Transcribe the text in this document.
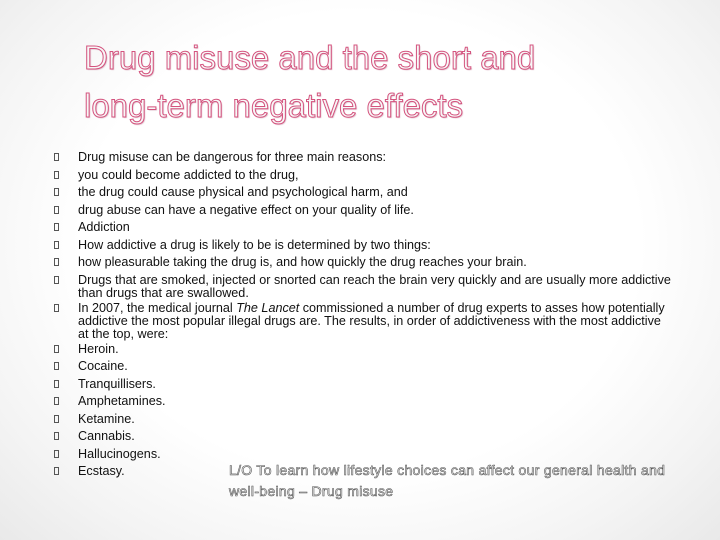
Drug misuse and the short and
long-term negative effects
Drug misuse can be dangerous for three main reasons:
you could become addicted to the drug,
the drug could cause physical and psychological harm, and
drug abuse can have a negative effect on your quality of life.
Addiction
How addictive a drug is likely to be is determined by two things:
how pleasurable taking the drug is, and how quickly the drug reaches your brain.
Drugs that are smoked, injected or snorted can reach the brain very quickly and are usually more addictive than drugs that are swallowed.
In 2007, the medical journal The Lancet commissioned a number of drug experts to asses how potentially addictive the most popular illegal drugs are. The results, in order of addictiveness with the most addictive at the top, were:
Heroin.
Cocaine.
Tranquillisers.
Amphetamines.
Ketamine.
Cannabis.
Hallucinogens.
Ecstasy.	L/O To learn how lifestyle choices can affect our general health and well-being – Drug misuse
